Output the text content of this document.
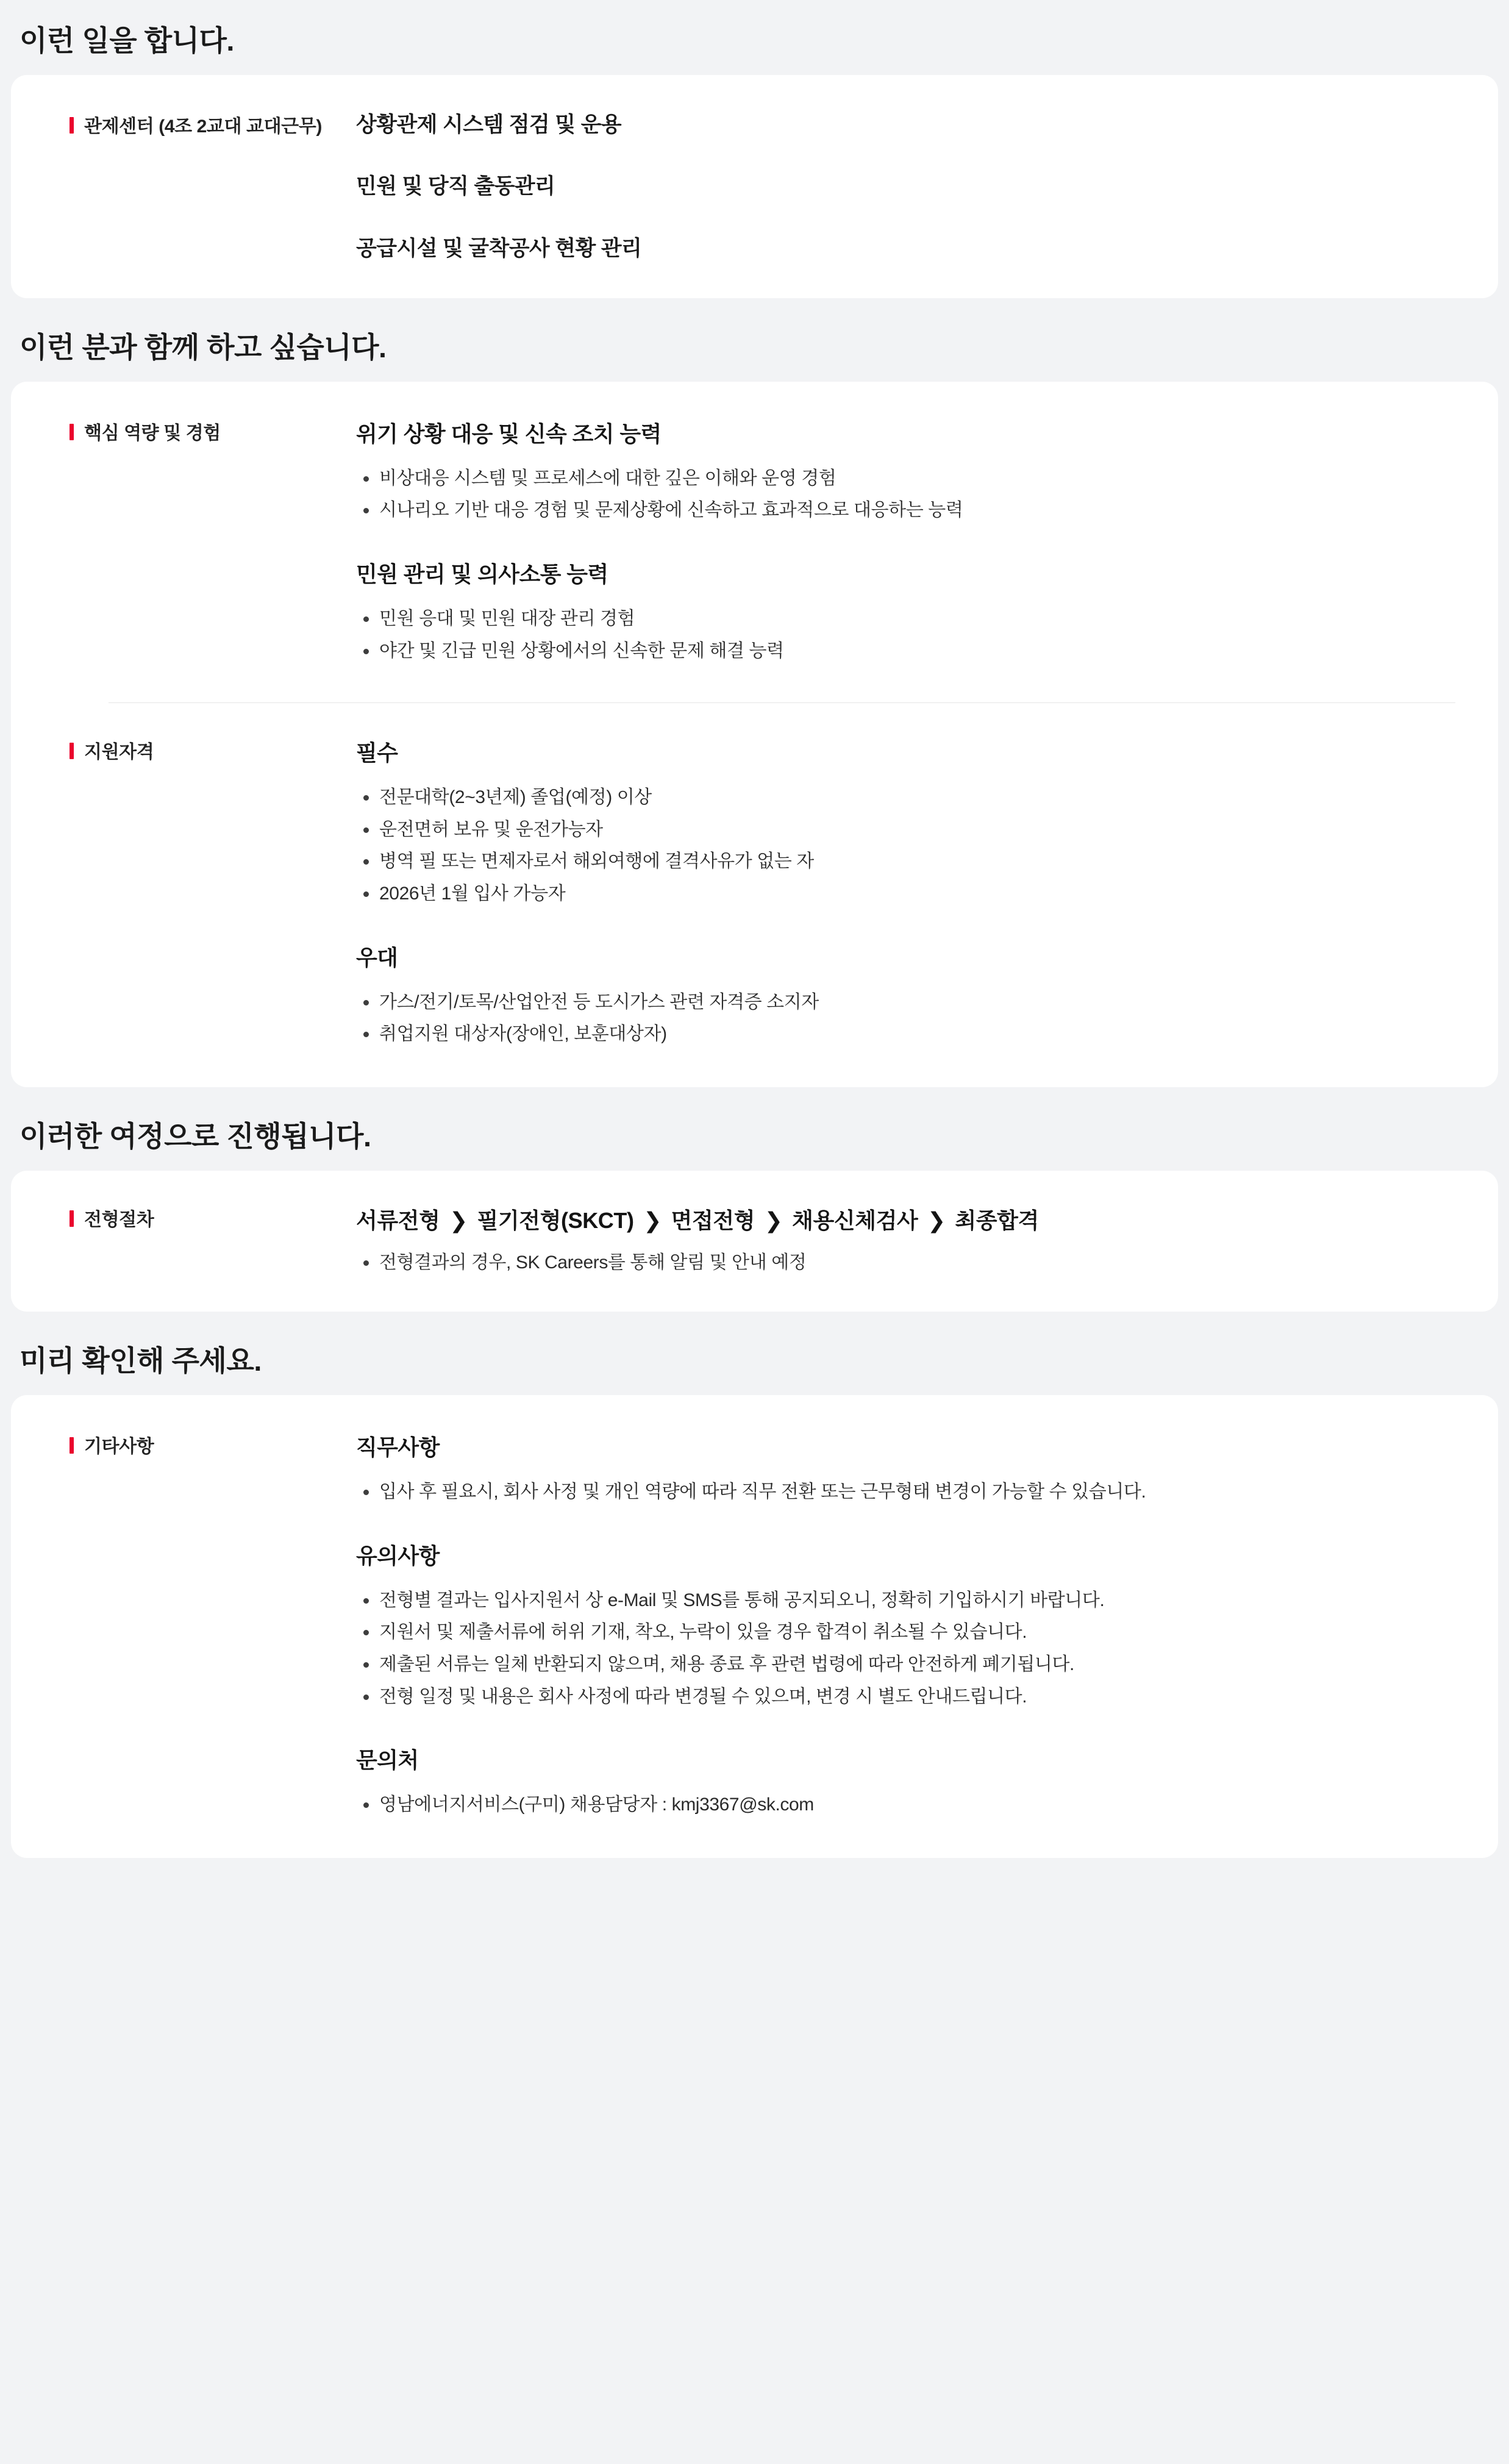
이런 일을 합니다.
관제센터 (4조 2교대 교대근무) 상황관제 시스템 점검 및 운용

민원 및 당직 출동관리

공급시설 및 굴착공사 현황 관리

이런 분과 함께 하고 싶습니다.
핵심 역량 및 경험	위기 상황 대응 및 신속 조치 능력
비상대응 시스템 및 프로세스에 대한 깊은 이해와 운영 경험
시나리오 기반 대응 경험 및 문제상황에 신속하고 효과적으로 대응하는 능력
민원 관리 및 의사소통 능력
민원 응대 및 민원 대장 관리 경험
야간 및 긴급 민원 상황에서의 신속한 문제 해결 능력
지원자격	필수
전문대학(2~3년제) 졸업(예정) 이상
운전면허 보유 및 운전가능자
병역 필 또는 면제자로서 해외여행에 결격사유가 없는 자
2026년 1월 입사 가능자
우대
가스/전기/토목/산업안전 등 도시가스 관련 자격증 소지자
취업지원 대상자(장애인, 보훈대상자)
이러한 여정으로 진행됩니다.
전형절차	서류전형 ❯ 필기전형(SKCT) ❯ 면접전형 ❯ 채용신체검사 ❯ 최종합격
전형결과의 경우, SK Careers를 통해 알림 및 안내 예정
미리 확인해 주세요.
기타사항	직무사항
입사 후 필요시, 회사 사정 및 개인 역량에 따라 직무 전환 또는 근무형태 변경이 가능할 수 있습니다.
유의사항
전형별 결과는 입사지원서 상 e-Mail 및 SMS를 통해 공지되오니, 정확히 기입하시기 바랍니다.
지원서 및 제출서류에 허위 기재, 착오, 누락이 있을 경우 합격이 취소될 수 있습니다.
제출된 서류는 일체 반환되지 않으며, 채용 종료 후 관련 법령에 따라 안전하게 폐기됩니다.
전형 일정 및 내용은 회사 사정에 따라 변경될 수 있으며, 변경 시 별도 안내드립니다.
문의처
영남에너지서비스(구미) 채용담당자 : kmj3367@sk.com
